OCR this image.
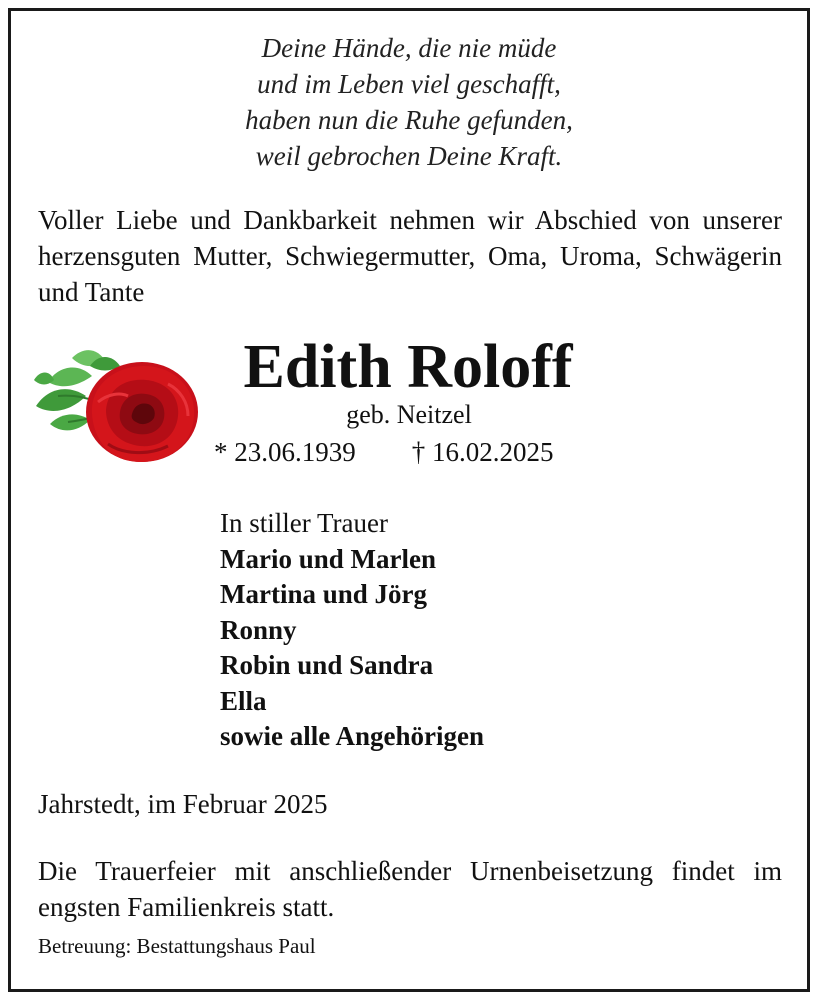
Deine Hände, die nie müde
und im Leben viel geschafft,
haben nun die Ruhe gefunden,
weil gebrochen Deine Kraft.
Voller Liebe und Dankbarkeit nehmen wir Abschied von unserer herzensguten Mutter, Schwiegermutter, Oma, Uroma, Schwägerin und Tante
Edith Roloff
geb. Neitzel
* 23.06.1939 † 16.02.2025
In stiller Trauer
Mario und Marlen
Martina und Jörg
Ronny
Robin und Sandra
Ella
sowie alle Angehörigen
Jahrstedt, im Februar 2025
Die Trauerfeier mit anschließender Urnenbeisetzung findet im engsten Familienkreis statt.
Betreuung: Bestattungshaus Paul
